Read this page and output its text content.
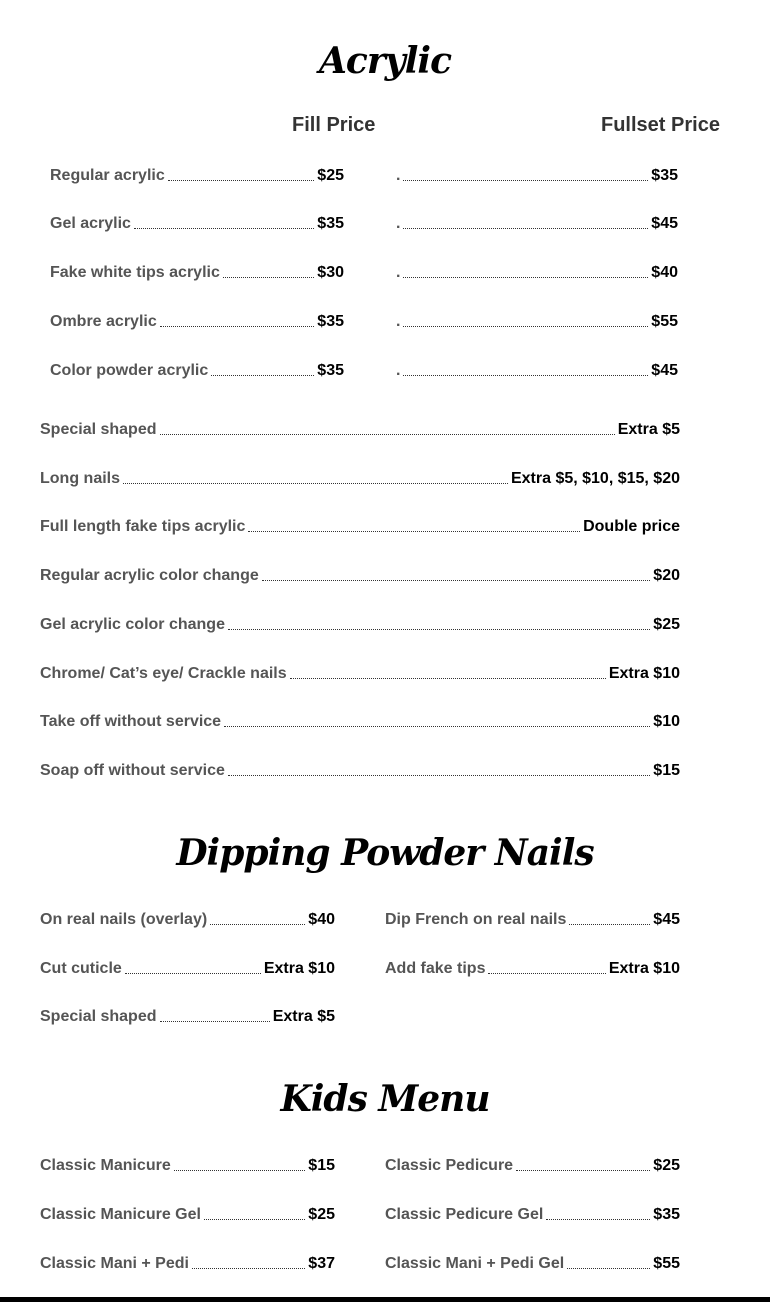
Acrylic
Fill Price	Fullset Price
Dipping Powder Nails
Kids Menu
Regular acrylic	$25	.	$35
Gel acrylic	$35	.	$45
Fake white tips acrylic	$30	.	$40
Ombre acrylic	$35	.	$55
Color powder acrylic	$35	.	$45
Special shaped	Extra $5
Long nails	Extra $5, $10, $15, $20
Full length fake tips acrylic	Double price
Regular acrylic color change	$20
Gel acrylic color change	$25
Chrome/ Cat’s eye/ Crackle nails	Extra $10
Take off without service	$10
Soap off without service	$15
On real nails (overlay)	$40
Cut cuticle	Extra $10
Special shaped	Extra $5
Dip French on real nails	$45
Add fake tips	Extra $10
Classic Manicure	$15
Classic Manicure Gel	$25
Classic Mani + Pedi	$37
Classic Pedicure	$25
Classic Pedicure Gel	$35
Classic Mani + Pedi Gel	$55
